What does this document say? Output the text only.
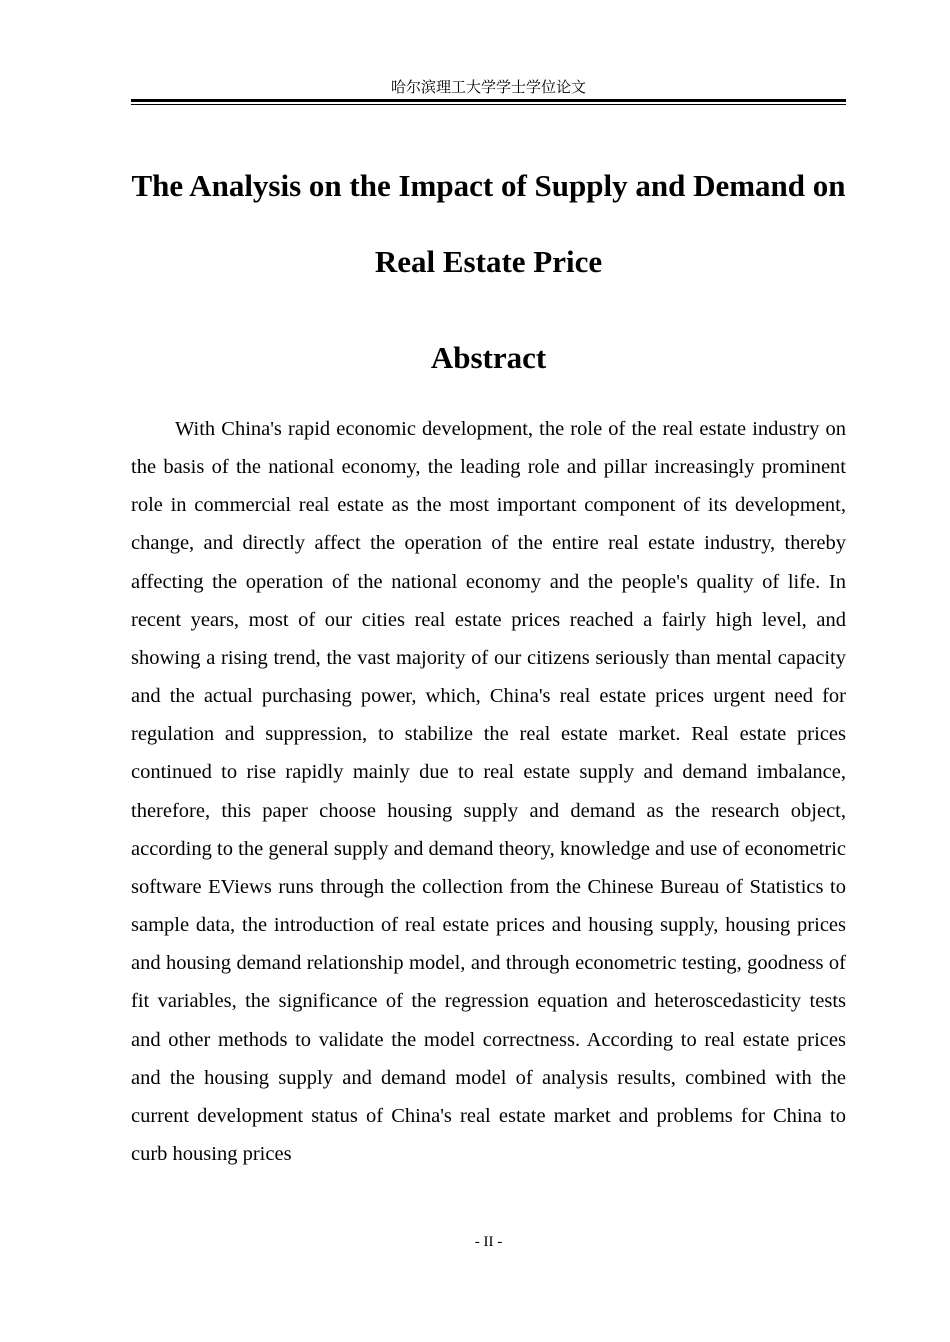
哈尔滨理工大学学士学位论文
The Analysis on the Impact of Supply and Demand on Real Estate Price
Abstract

With China's rapid economic development, the role of the real estate industry on the basis of the national economy, the leading role and pillar increasingly prominent role in commercial real estate as the most important component of its development, change, and directly affect the operation of the entire real estate industry, thereby affecting the operation of the national economy and the people's quality of life. In recent years, most of our cities real estate prices reached a fairly high level, and showing a rising trend, the vast majority of our citizens seriously than mental capacity and the actual purchasing power, which, China's real estate prices urgent need for regulation and suppression, to stabilize the real estate market. Real estate prices continued to rise rapidly mainly due to real estate supply and demand imbalance, therefore, this paper choose housing supply and demand as the research object, according to the general supply and demand theory, knowledge and use of econometric software EViews runs through the collection from the Chinese Bureau of Statistics to sample data, the introduction of real estate prices and housing supply, housing prices and housing demand relationship model, and through econometric testing, goodness of fit variables, the significance of the regression equation and heteroscedasticity tests and other methods to validate the model correctness. According to real estate prices and the housing supply and demand model of analysis results, combined with the current development status of China's real estate market and problems for China to curb housing prices

- II -
